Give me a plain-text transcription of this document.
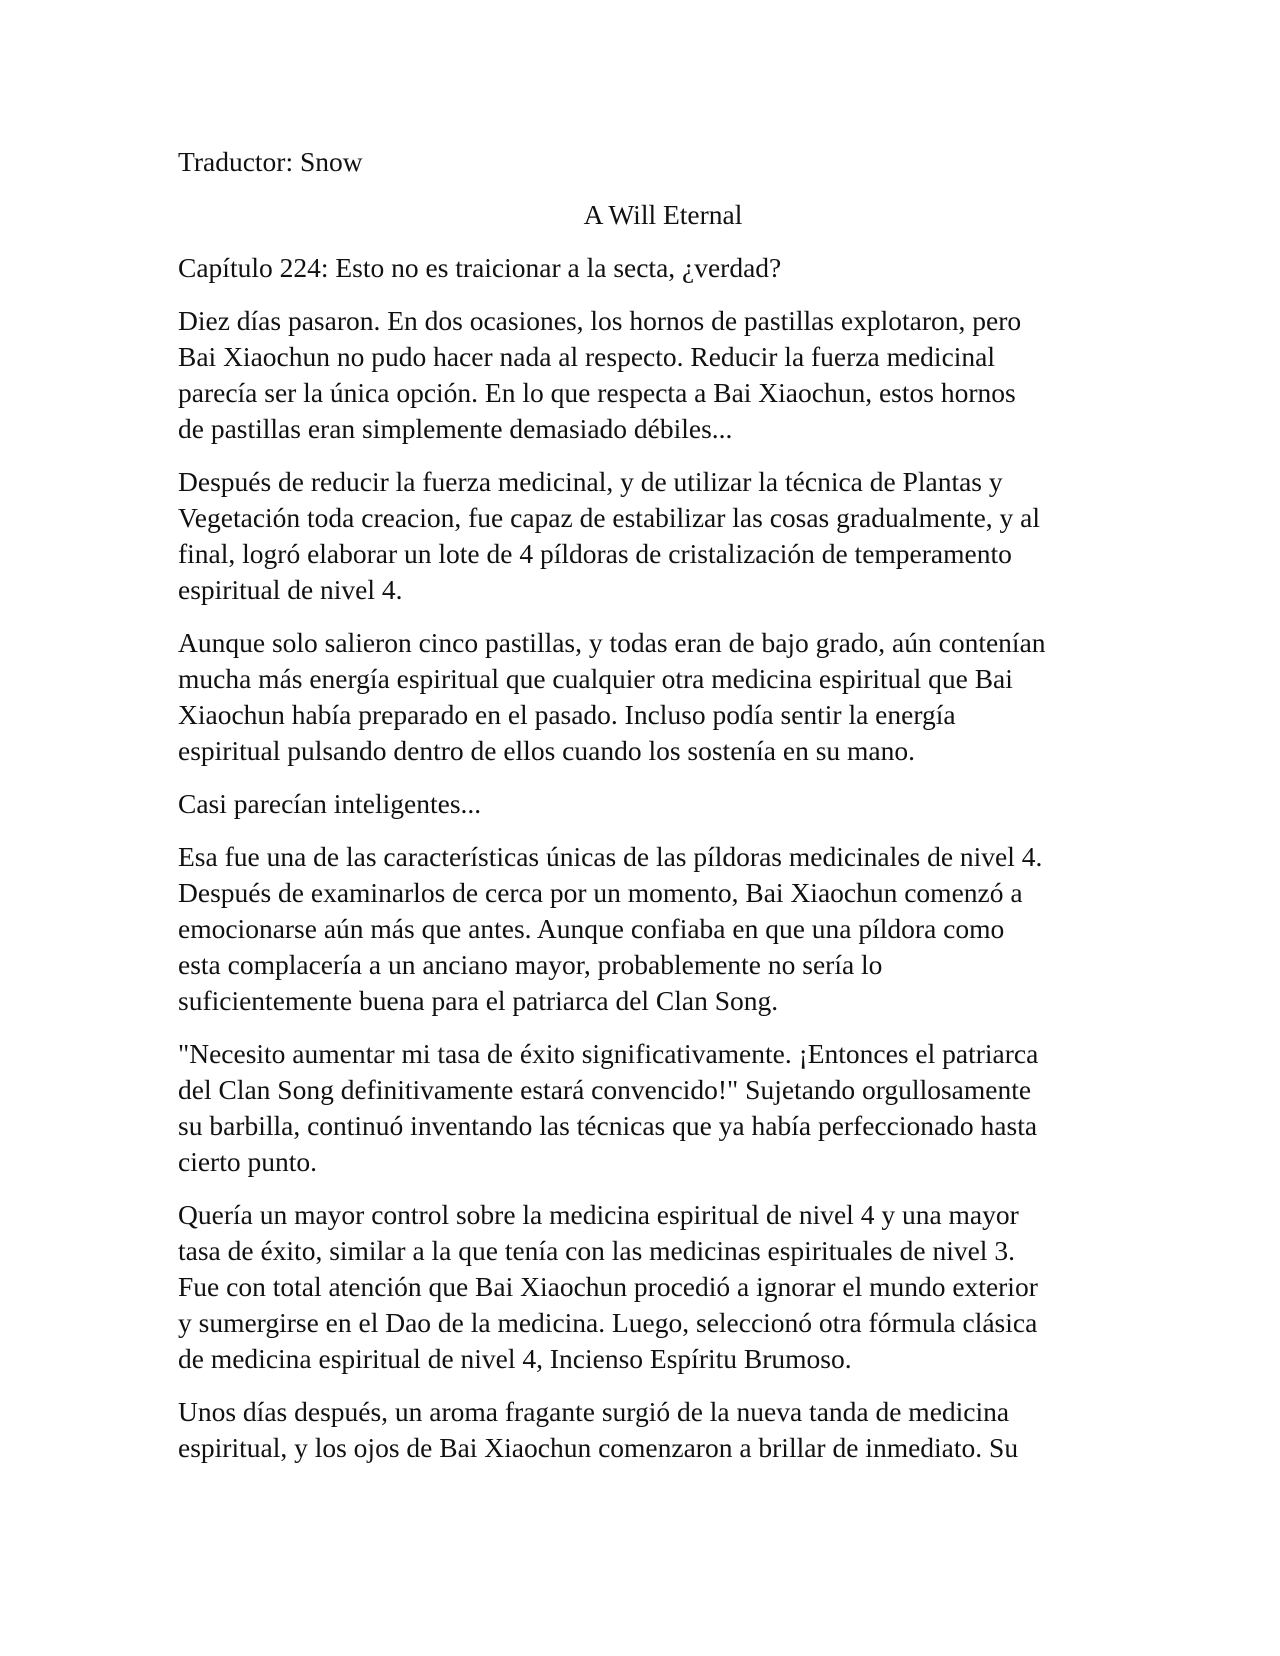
Traductor: Snow
A Will Eternal
Capítulo 224: Esto no es traicionar a la secta, ¿verdad?
Diez días pasaron. En dos ocasiones, los hornos de pastillas explotaron, pero
Bai Xiaochun no pudo hacer nada al respecto. Reducir la fuerza medicinal
parecía ser la única opción. En lo que respecta a Bai Xiaochun, estos hornos
de pastillas eran simplemente demasiado débiles...
Después de reducir la fuerza medicinal, y de utilizar la técnica de Plantas y
Vegetación toda creacion, fue capaz de estabilizar las cosas gradualmente, y al
final, logró elaborar un lote de 4 píldoras de cristalización de temperamento
espiritual de nivel 4.
Aunque solo salieron cinco pastillas, y todas eran de bajo grado, aún contenían
mucha más energía espiritual que cualquier otra medicina espiritual que Bai
Xiaochun había preparado en el pasado. Incluso podía sentir la energía
espiritual pulsando dentro de ellos cuando los sostenía en su mano.
Casi parecían inteligentes...
Esa fue una de las características únicas de las píldoras medicinales de nivel 4.
Después de examinarlos de cerca por un momento, Bai Xiaochun comenzó a
emocionarse aún más que antes. Aunque confiaba en que una píldora como
esta complacería a un anciano mayor, probablemente no sería lo
suficientemente buena para el patriarca del Clan Song.
"Necesito aumentar mi tasa de éxito significativamente. ¡Entonces el patriarca
del Clan Song definitivamente estará convencido!" Sujetando orgullosamente
su barbilla, continuó inventando las técnicas que ya había perfeccionado hasta
cierto punto.
Quería un mayor control sobre la medicina espiritual de nivel 4 y una mayor
tasa de éxito, similar a la que tenía con las medicinas espirituales de nivel 3.
Fue con total atención que Bai Xiaochun procedió a ignorar el mundo exterior
y sumergirse en el Dao de la medicina. Luego, seleccionó otra fórmula clásica
de medicina espiritual de nivel 4, Incienso Espíritu Brumoso.
Unos días después, un aroma fragante surgió de la nueva tanda de medicina
espiritual, y los ojos de Bai Xiaochun comenzaron a brillar de inmediato. Su
